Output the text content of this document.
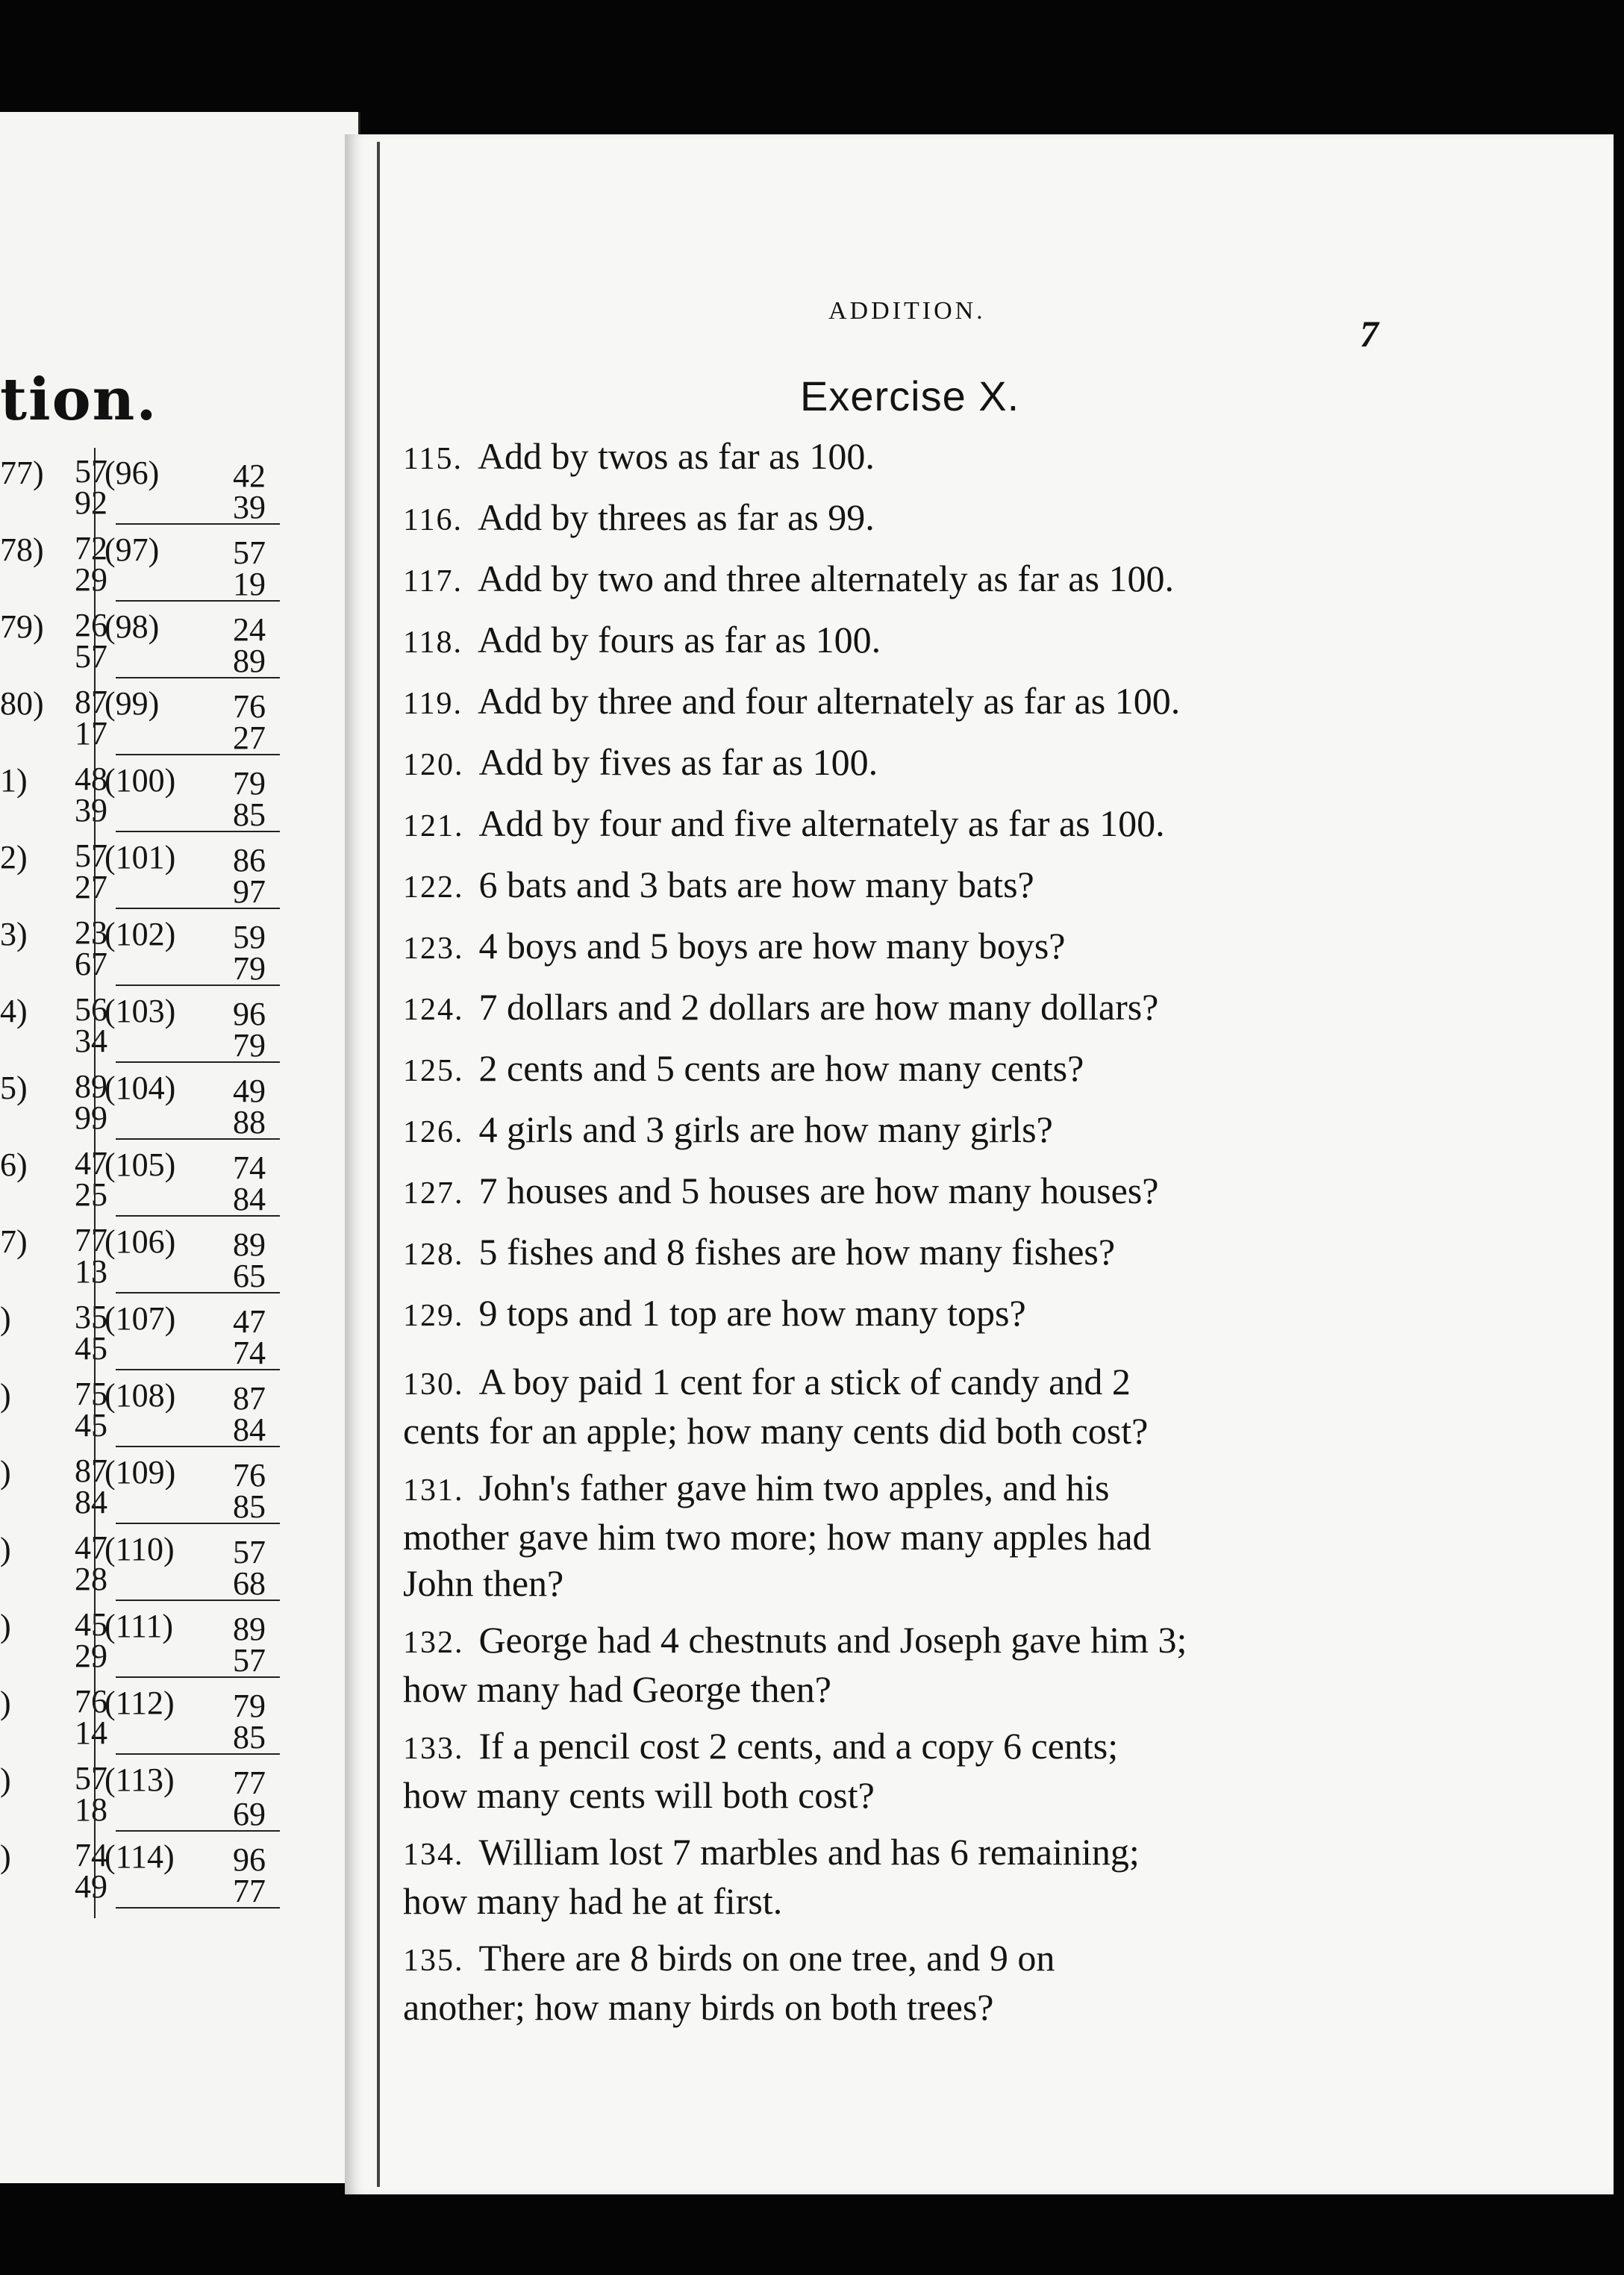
tion.
77) 57
92
(96)	42
39
78) 72
29
(97)	57
19
79) 26
57
(98)	24
89
80) 87
17
(99)	76
27
1) 48
39
(100)	79
85
2) 57
27
(101)	86
97
3) 23
67
(102)	59
79
4) 56
34
(103)	96
79
5) 89
99
(104)	49
88
6) 47
25
(105)	74
84
7) 77
13
(106)	89
65
) 35
45
(107)	47
74
) 75
45
(108)	87
84
) 87
84
(109)	76
85
) 47
28
(110)	57
68
) 45
29
(111)	89
57
) 76
14
(112)	79
85
) 57
18
(113)	77
69
) 74
49
(114)	96
77
ADDITION.
7
Exercise X.
115. Add by twos as far as 100.
116. Add by threes as far as 99.
117. Add by two and three alternately as far as 100.
118. Add by fours as far as 100.
119. Add by three and four alternately as far as 100.
120. Add by fives as far as 100.
121. Add by four and five alternately as far as 100.
122. 6 bats and 3 bats are how many bats?
123. 4 boys and 5 boys are how many boys?
124. 7 dollars and 2 dollars are how many dollars?
125. 2 cents and 5 cents are how many cents?
126. 4 girls and 3 girls are how many girls?
127. 7 houses and 5 houses are how many houses?
128. 5 fishes and 8 fishes are how many fishes?
129. 9 tops and 1 top are how many tops?
130. A boy paid 1 cent for a stick of candy and 2
cents for an apple; how many cents did both cost?
131. John's father gave him two apples, and his
mother gave him two more; how many apples had
John then?
132. George had 4 chestnuts and Joseph gave him 3;
how many had George then?
133. If a pencil cost 2 cents, and a copy 6 cents;
how many cents will both cost?
134. William lost 7 marbles and has 6 remaining;
how many had he at first.
135. There are 8 birds on one tree, and 9 on
another; how many birds on both trees?
